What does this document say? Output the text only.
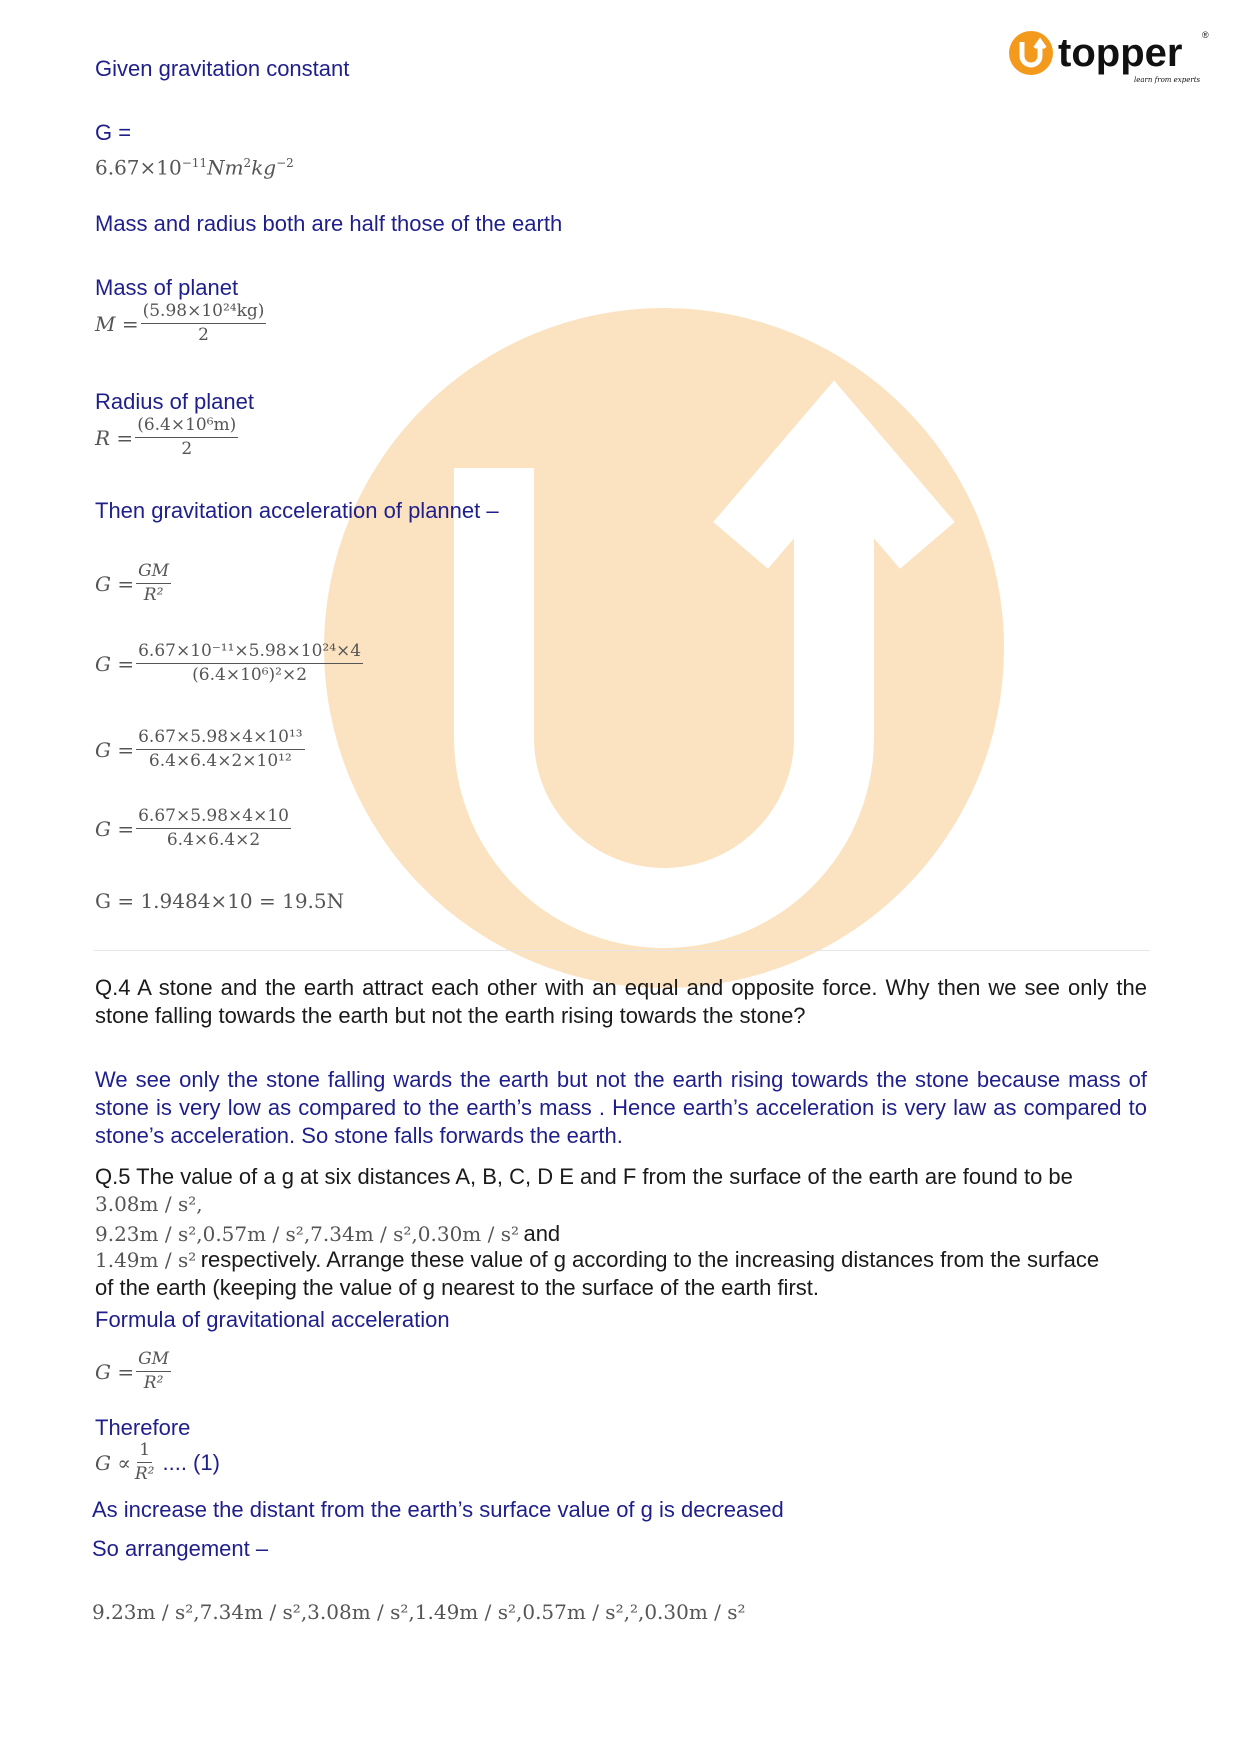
topper
learn from experts
®
Given gravitation constant
G =
$6.67\times 10^{-11}Nm^2kg^{-2}$
Mass and radius both are half those of the earth
Mass of planet
$M = \frac{\text{(5.98×10²⁴kg)}}{2}$
Radius of planet
$R = \frac{\text{(6.4×10⁶m)}}{2}$
Then gravitation acceleration of plannet –
$G = \frac{GM}{\text{R²}}$
$G = \frac{\text{6.67×10⁻¹¹×5.98×10²⁴×4}}{\text{(6.4×10⁶)²×2}}$
$G = \frac{\text{6.67×5.98×4×10¹³}}{\text{6.4×6.4×2×10¹²}}$
$G = \frac{6.67\times 5.98\times 4\times 10}{6.4\times 6.4\times 2}$
G = 1.9484×10 = 19.5N
Q.4 A stone and the earth attract each other with an equal and opposite force. Why then we see only the stone falling towards the earth but not the earth rising towards the stone?
We see only the stone falling wards the earth but not the earth rising towards the stone because mass of stone is very low as compared to the earth’s mass . Hence earth’s acceleration is very law as compared to stone’s acceleration. So stone falls forwards the earth.
Q.5 The value of a g at six distances A, B, C, D E and F from the surface of the earth are found to be
3.08m / s²,
9.23m / s²,0.57m / s²,7.34m / s²,0.30m / s² and
1.49m / s² respectively. Arrange these value of g according to the increasing distances from the surface
of the earth (keeping the value of g nearest to the surface of the earth first.
Formula of gravitational acceleration
$G = \frac{GM}{\text{R²}}$
Therefore
$G \propto \frac{1}{\text{R²}}$ .... (1)
As increase the distant from the earth’s surface value of g is decreased
So arrangement –
9.23m / s²,7.34m / s²,3.08m / s²,1.49m / s²,0.57m / s²,²,0.30m / s²
